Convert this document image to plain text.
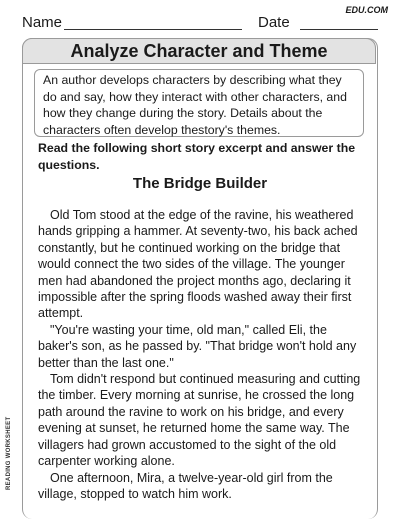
Name	Date
EDU.COM
Analyze Character and Theme
An author develops characters by describing what they do and say, how they interact with other characters, and how they change during the story. Details about the characters often develop thestory's themes.
Read the following short story excerpt and answer the questions.
The Bridge Builder

Old Tom stood at the edge of the ravine, his weathered hands gripping a hammer. At seventy-two, his back ached constantly, but he continued working on the bridge that would connect the two sides of the village. The younger men had abandoned the project months ago, declaring it impossible after the spring floods washed away their first attempt.

"You're wasting your time, old man," called Eli, the baker's son, as he passed by. "That bridge won't hold any better than the last one."

Tom didn't respond but continued measuring and cutting the timber. Every morning at sunrise, he crossed the long path around the ravine to work on his bridge, and every evening at sunset, he returned home the same way. The villagers had grown accustomed to the sight of the old carpenter working alone.

One afternoon, Mira, a twelve-year-old girl from the village, stopped to watch him work.

READING WORKSHEET
